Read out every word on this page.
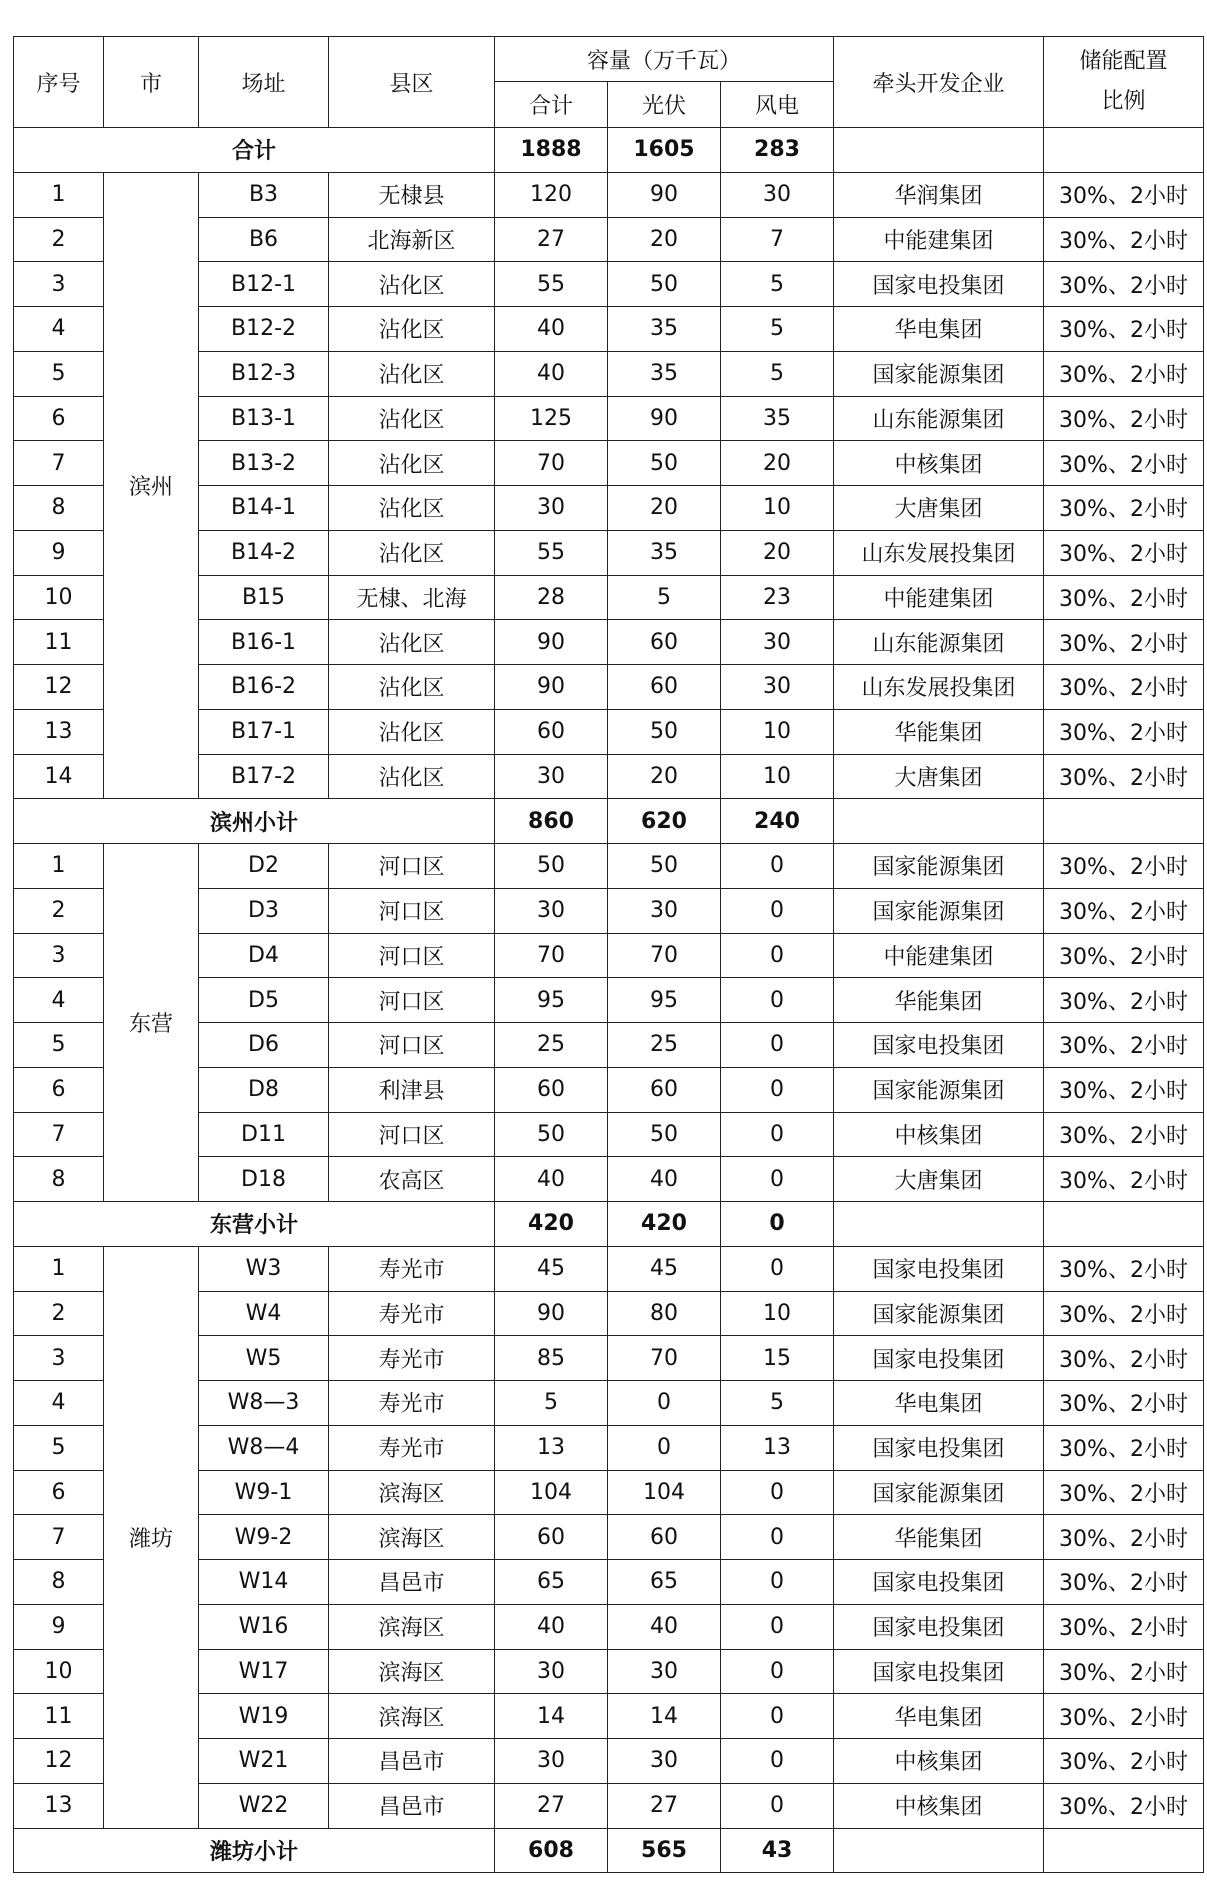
序号	市	场址	县区	容量（万千瓦）			牵头开发企业	储能配置
比例

				合计	光伏	风电		
合计				1888	1605	283		
1	滨州	B3	无棣县	120	90	30	华润集团	30%、2小时
2		B6	北海新区	27	20	7	中能建集团	30%、2小时
3		B12-1	沾化区	55	50	5	国家电投集团	30%、2小时
4		B12-2	沾化区	40	35	5	华电集团	30%、2小时
5		B12-3	沾化区	40	35	5	国家能源集团	30%、2小时
6		B13-1	沾化区	125	90	35	山东能源集团	30%、2小时
7		B13-2	沾化区	70	50	20	中核集团	30%、2小时
8		B14-1	沾化区	30	20	10	大唐集团	30%、2小时
9		B14-2	沾化区	55	35	20	山东发展投集团	30%、2小时
10		B15	无棣、北海	28	5	23	中能建集团	30%、2小时
11		B16-1	沾化区	90	60	30	山东能源集团	30%、2小时
12		B16-2	沾化区	90	60	30	山东发展投集团	30%、2小时
13		B17-1	沾化区	60	50	10	华能集团	30%、2小时
14		B17-2	沾化区	30	20	10	大唐集团	30%、2小时
滨州小计				860	620	240		
1	东营	D2	河口区	50	50	0	国家能源集团	30%、2小时
2		D3	河口区	30	30	0	国家能源集团	30%、2小时
3		D4	河口区	70	70	0	中能建集团	30%、2小时
4		D5	河口区	95	95	0	华能集团	30%、2小时
5		D6	河口区	25	25	0	国家电投集团	30%、2小时
6		D8	利津县	60	60	0	国家能源集团	30%、2小时
7		D11	河口区	50	50	0	中核集团	30%、2小时
8		D18	农高区	40	40	0	大唐集团	30%、2小时
东营小计				420	420	0		
1	潍坊	W3	寿光市	45	45	0	国家电投集团	30%、2小时
2		W4	寿光市	90	80	10	国家能源集团	30%、2小时
3		W5	寿光市	85	70	15	国家电投集团	30%、2小时
4		W8—3	寿光市	5	0	5	华电集团	30%、2小时
5		W8—4	寿光市	13	0	13	国家电投集团	30%、2小时
6		W9-1	滨海区	104	104	0	国家能源集团	30%、2小时
7		W9-2	滨海区	60	60	0	华能集团	30%、2小时
8		W14	昌邑市	65	65	0	国家电投集团	30%、2小时
9		W16	滨海区	40	40	0	国家电投集团	30%、2小时
10		W17	滨海区	30	30	0	国家电投集团	30%、2小时
11		W19	滨海区	14	14	0	华电集团	30%、2小时
12		W21	昌邑市	30	30	0	中核集团	30%、2小时
13		W22	昌邑市	27	27	0	中核集团	30%、2小时
潍坊小计				608	565	43		
